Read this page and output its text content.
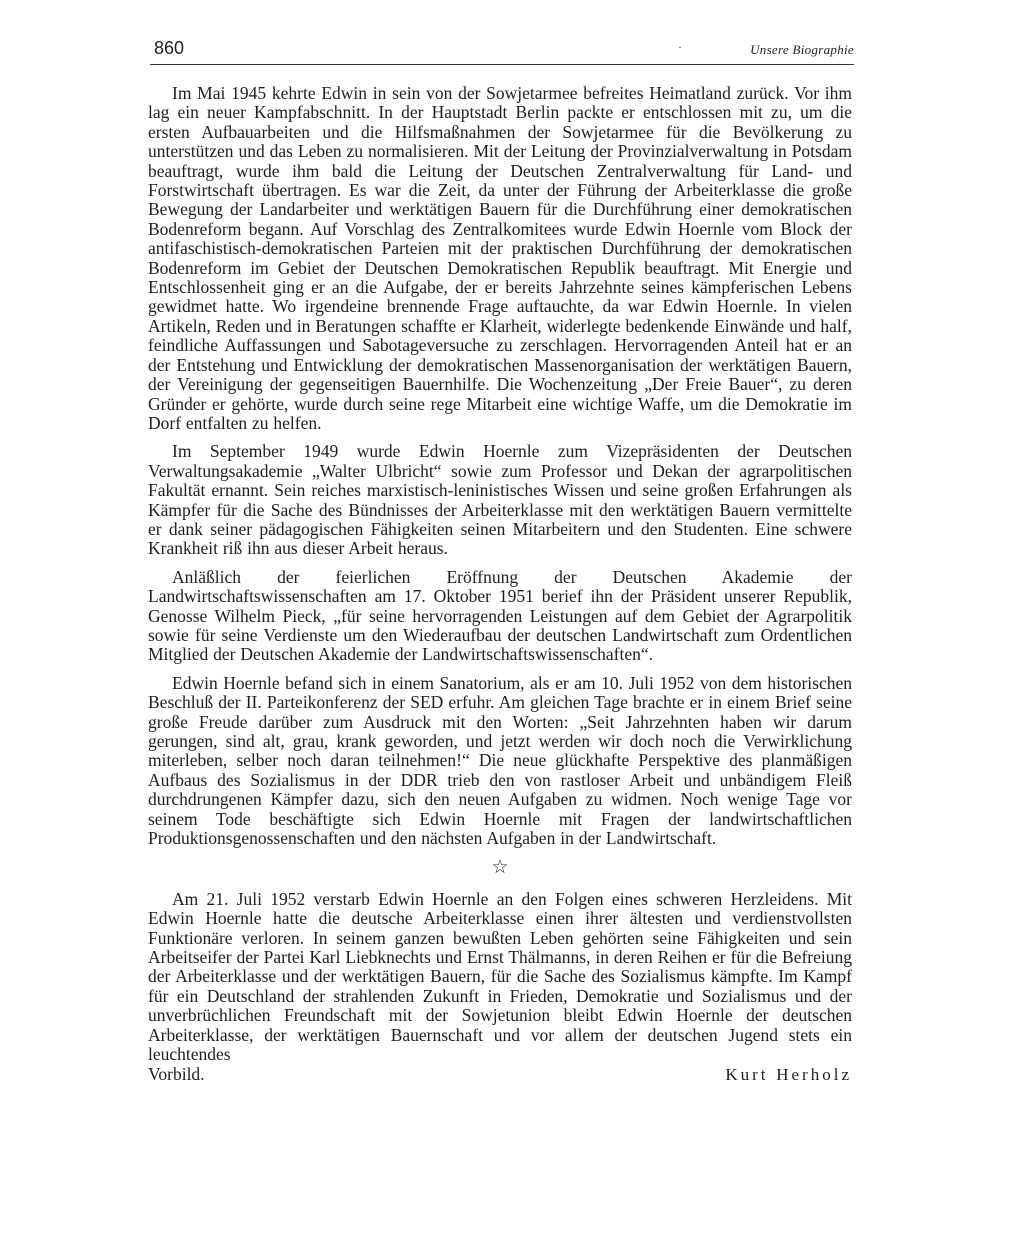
860	·	Unsere Biographie

Im Mai 1945 kehrte Edwin in sein von der Sowjetarmee befreites Heimatland zurück. Vor ihm lag ein neuer Kampfabschnitt. In der Hauptstadt Berlin packte er entschlossen mit zu, um die ersten Aufbauarbeiten und die Hilfsmaßnahmen der Sowjetarmee für die Bevölkerung zu unterstützen und das Leben zu normalisieren. Mit der Leitung der Provinzialverwaltung in Potsdam beauftragt, wurde ihm bald die Leitung der Deutschen Zentralverwaltung für Land- und Forstwirtschaft übertragen. Es war die Zeit, da unter der Führung der Arbeiterklasse die große Bewegung der Landarbeiter und werktätigen Bauern für die Durchführung einer demokratischen Bodenreform begann. Auf Vorschlag des Zentralkomitees wurde Edwin Hoernle vom Block der antifaschistisch-demokratischen Parteien mit der praktischen Durchführung der demokratischen Bodenreform im Gebiet der Deutschen Demokratischen Republik beauftragt. Mit Energie und Entschlossenheit ging er an die Aufgabe, der er bereits Jahrzehnte seines kämpferischen Lebens gewidmet hatte. Wo irgendeine brennende Frage auftauchte, da war Edwin Hoernle. In vielen Artikeln, Reden und in Beratungen schaffte er Klarheit, widerlegte bedenkende Einwände und half, feindliche Auffassungen und Sabotageversuche zu zerschlagen. Hervorragenden Anteil hat er an der Entstehung und Entwicklung der demokratischen Massenorganisation der werktätigen Bauern, der Vereinigung der gegenseitigen Bauernhilfe. Die Wochenzeitung „Der Freie Bauer“, zu deren Gründer er gehörte, wurde durch seine rege Mitarbeit eine wichtige Waffe, um die Demokratie im Dorf entfalten zu helfen.

Im September 1949 wurde Edwin Hoernle zum Vizepräsidenten der Deutschen Verwaltungsakademie „Walter Ulbricht“ sowie zum Professor und Dekan der agrarpolitischen Fakultät ernannt. Sein reiches marxistisch-leninistisches Wissen und seine großen Erfahrungen als Kämpfer für die Sache des Bündnisses der Arbeiterklasse mit den werktätigen Bauern vermittelte er dank seiner pädagogischen Fähigkeiten seinen Mitarbeitern und den Studenten. Eine schwere Krankheit riß ihn aus dieser Arbeit heraus.

Anläßlich der feierlichen Eröffnung der Deutschen Akademie der Landwirtschaftswissenschaften am 17. Oktober 1951 berief ihn der Präsident unserer Republik, Genosse Wilhelm Pieck, „für seine hervorragenden Leistungen auf dem Gebiet der Agrarpolitik sowie für seine Verdienste um den Wiederaufbau der deutschen Landwirtschaft zum Ordentlichen Mitglied der Deutschen Akademie der Landwirtschaftswissenschaften“.

Edwin Hoernle befand sich in einem Sanatorium, als er am 10. Juli 1952 von dem historischen Beschluß der II. Parteikonferenz der SED erfuhr. Am gleichen Tage brachte er in einem Brief seine große Freude darüber zum Ausdruck mit den Worten: „Seit Jahrzehnten haben wir darum gerungen, sind alt, grau, krank geworden, und jetzt werden wir doch noch die Verwirklichung miterleben, selber noch daran teilnehmen!“ Die neue glückhafte Perspektive des planmäßigen Aufbaus des Sozialismus in der DDR trieb den von rastloser Arbeit und unbändigem Fleiß durchdrungenen Kämpfer dazu, sich den neuen Aufgaben zu widmen. Noch wenige Tage vor seinem Tode beschäftigte sich Edwin Hoernle mit Fragen der landwirtschaftlichen Produktionsgenossenschaften und den nächsten Aufgaben in der Landwirtschaft.

☆

Am 21. Juli 1952 verstarb Edwin Hoernle an den Folgen eines schweren Herzleidens. Mit Edwin Hoernle hatte die deutsche Arbeiterklasse einen ihrer ältesten und verdienstvollsten Funktionäre verloren. In seinem ganzen bewußten Leben gehörten seine Fähigkeiten und sein Arbeitseifer der Partei Karl Liebknechts und Ernst Thälmanns, in deren Reihen er für die Befreiung der Arbeiterklasse und der werktätigen Bauern, für die Sache des Sozialismus kämpfte. Im Kampf für ein Deutschland der strahlenden Zukunft in Frieden, Demokratie und Sozialismus und der unverbrüchlichen Freundschaft mit der Sowjetunion bleibt Edwin Hoernle der deutschen Arbeiterklasse, der werktätigen Bauernschaft und vor allem der deutschen Jugend stets ein leuchtendes

Vorbild.	Kurt Herholz
